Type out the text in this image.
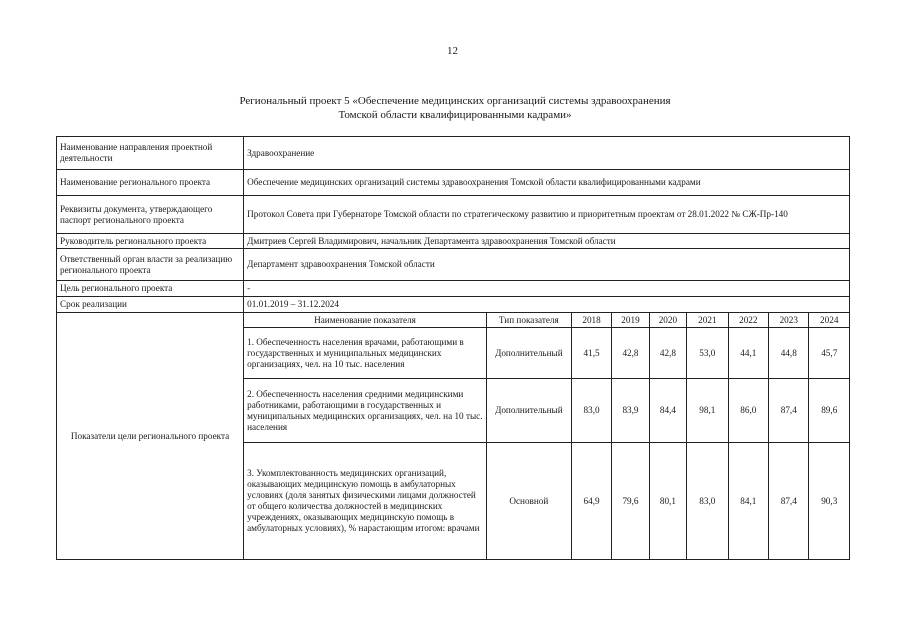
12
Региональный проект 5 «Обеспечение медицинских организаций системы здравоохранения
Томской области квалифицированными кадрами»
Наименование направления проектной деятельности	Здравоохранение								
Наименование регионального проекта	Обеспечение медицинских организаций системы здравоохранения Томской области квалифицированными кадрами								
Реквизиты документа, утверждающего паспорт регионального проекта	Протокол Совета при Губернаторе Томской области по стратегическому развитию и приоритетным проектам от 28.01.2022 № СЖ-Пр-140								
Руководитель регионального проекта	Дмитриев Сергей Владимирович, начальник Департамента здравоохранения Томской области								
Ответственный орган власти за реализацию регионального проекта	Департамент здравоохранения Томской области								
Цель регионального проекта	-								
Срок реализации	01.01.2019 – 31.12.2024								
Показатели цели регионального проекта	Наименование показателя	Тип показателя	2018	2019	2020	2021	2022	2023	2024
	1. Обеспеченность населения врачами, работающими в государственных и муниципальных медицинских организациях, чел. на 10 тыс. населения	Дополнительный	41,5	42,8	42,8	53,0	44,1	44,8	45,7
	2. Обеспеченность населения средними медицинскими работниками, работающими в государственных и муниципальных медицинских организациях, чел. на 10 тыс. населения	Дополнительный	83,0	83,9	84,4	98,1	86,0	87,4	89,6
	3. Укомплектованность медицинских организаций, оказывающих медицинскую помощь в амбулаторных условиях (доля занятых физическими лицами должностей от общего количества должностей в медицинских учреждениях, оказывающих медицинскую помощь в амбулаторных условиях), % нарастающим итогом: врачами	Основной	64,9	79,6	80,1	83,0	84,1	87,4	90,3
